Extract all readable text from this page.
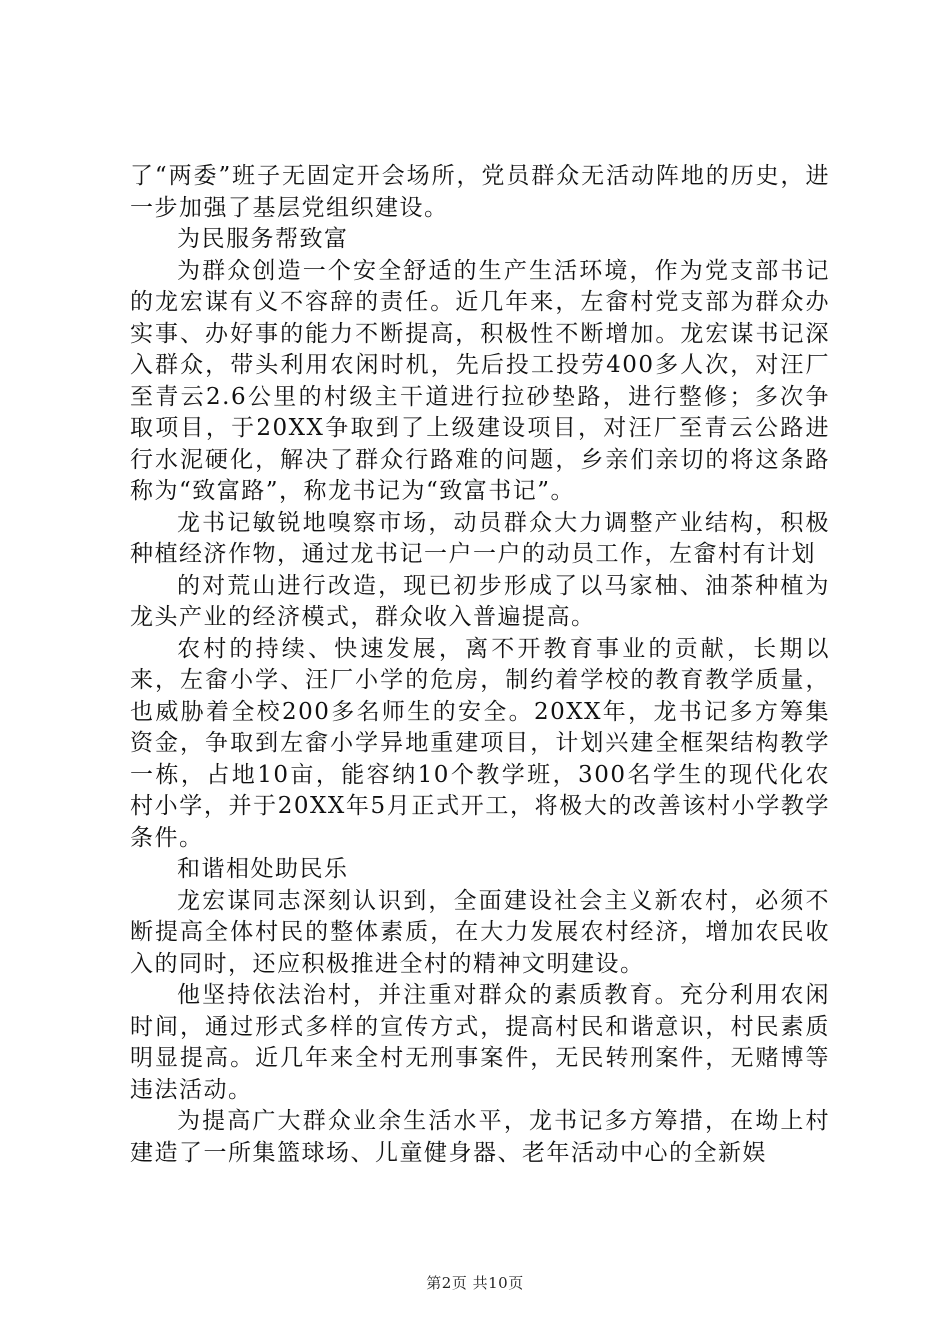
了“两委”班子无固定开会场所，党员群众无活动阵地的历史，进一步加强了基层党组织建设。

为民服务帮致富

为群众创造一个安全舒适的生产生活环境，作为党支部书记的龙宏谋有义不容辞的责任。近几年来，左畲村党支部为群众办实事、办好事的能力不断提高，积极性不断增加。龙宏谋书记深入群众，带头利用农闲时机，先后投工投劳400多人次，对汪厂至青云2.6公里的村级主干道进行拉砂垫路，进行整修；多次争取项目，于20XX争取到了上级建设项目，对汪厂至青云公路进行水泥硬化，解决了群众行路难的问题，乡亲们亲切的将这条路称为“致富路”，称龙书记为“致富书记”。

龙书记敏锐地嗅察市场，动员群众大力调整产业结构，积极种植经济作物，通过龙书记一户一户的动员工作，左畲村有计划

的对荒山进行改造，现已初步形成了以马家柚、油茶种植为龙头产业的经济模式，群众收入普遍提高。

农村的持续、快速发展，离不开教育事业的贡献，长期以来，左畲小学、汪厂小学的危房，制约着学校的教育教学质量，也威胁着全校200多名师生的安全。20XX年，龙书记多方筹集资金，争取到左畲小学异地重建项目，计划兴建全框架结构教学一栋，占地10亩，能容纳10个教学班，300名学生的现代化农村小学，并于20XX年5月正式开工，将极大的改善该村小学教学条件。

和谐相处助民乐

龙宏谋同志深刻认识到，全面建设社会主义新农村，必须不断提高全体村民的整体素质，在大力发展农村经济，增加农民收入的同时，还应积极推进全村的精神文明建设。

他坚持依法治村，并注重对群众的素质教育。充分利用农闲时间，通过形式多样的宣传方式，提高村民和谐意识，村民素质明显提高。近几年来全村无刑事案件，无民转刑案件，无赌博等违法活动。

为提高广大群众业余生活水平，龙书记多方筹措，在坳上村建造了一所集篮球场、儿童健身器、老年活动中心的全新娱

第2页 共10页
